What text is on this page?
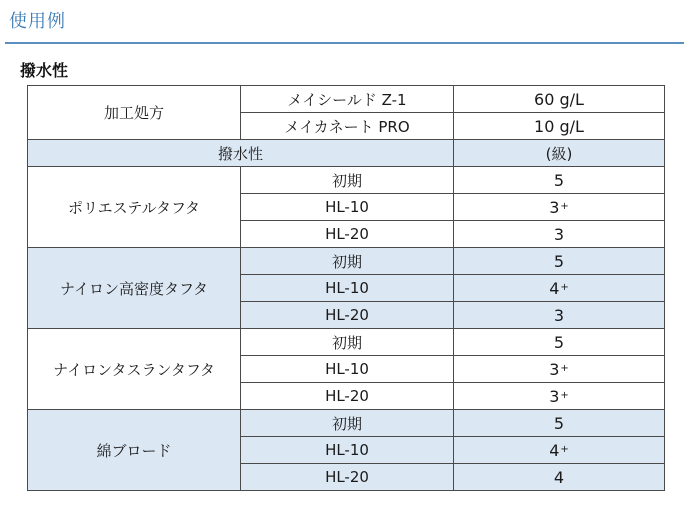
使用例
撥水性
加工処方	メイシールド Z-1	60 g/L
	メイカネート PRO	10 g/L
撥水性		(級)
ポリエステルタフタ	初期	5
	HL-10	3+
	HL-20	3
ナイロン高密度タフタ	初期	5
	HL-10	4+
	HL-20	3
ナイロンタスランタフタ	初期	5
	HL-10	3+
	HL-20	3+
綿ブロード	初期	5
	HL-10	4+
	HL-20	4
